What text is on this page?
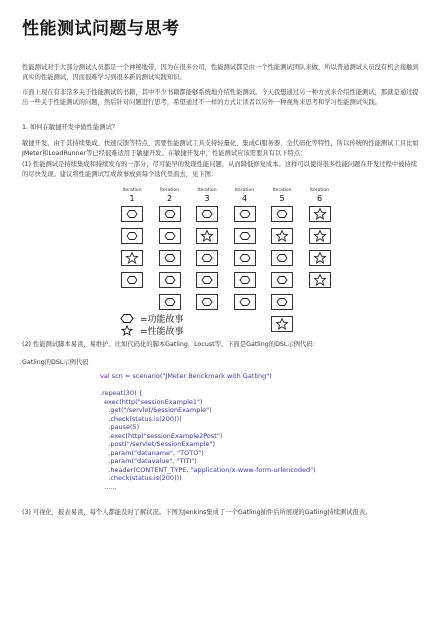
性能测试问题与思考
性能测试对于大部分测试人员都是一个神秘地带，因为在很多公司，性能测试都是由一个性能测试团队来做，所以普通测试人员没有机会接触到真实的性能测试，因而很难学习到很多新的测试实践知识。
市面上现在有非常多关于性能测试的书籍，其中不少书籍都能够系统地介绍性能测试。今天我想通过另一种方式来介绍性能测试，那就是通过提出一些关于性能测试的问题，然后针对问题进行思考，希望通过不一样的方式让读者以另外一种视角来思考和学习性能测试实践。
1. 如何在敏捷开发中做性能测试？
敏捷开发，由于其持续集成、快速反馈等特点，需要性能测试工具支持轻量化、集成CI服务器、全代码化等特性，所以传统的性能测试工具比如JMeter和LoadRunner等已经很难适用于敏捷开发。在敏捷开发中，性能测试应该需要具有以下特点：
(1) 性能测试是持续集成和持续发布的一部分，尽可能早的发现性能问题，从而降低修复成本。这样可以使得很多性能问题在开发过程中被持续的尽快发现。建议将性能测试写成故事放到每个迭代里面去，见下图：
Iteration
1
Iteration
2
Iteration
3
Iteration
4
Iteration
5
Iteration
6
=功能故事
=性能故事
(2) 性能测试脚本易读，易维护。比如代码化的脚本Gatling，Locust等。下面是Gatling的DSL示例代码：
Gatling的DSL示例代码
val scn = scenario("JMeter Benckmark with Gatling")
.repeat(30) {
exec(http("sessionExample1")
.get("/servlet/SessionExample")
.check(status.is(200)))
.pause(5)
.exec(http("sessionExample2Post")
.post("/servlet/SessionExample")
.param("dataname", "TOTO")
.param("datavalue", "TITI")
.header(CONTENT_TYPE, "application/x-www-form-urlencoded")
.check(status.is(200)))
......
(3) 可视化，报表易读，每个人都能及时了解状况。下图为Jenkins集成了一个Gatling插件后所展现的Gatling持续测试报表。
